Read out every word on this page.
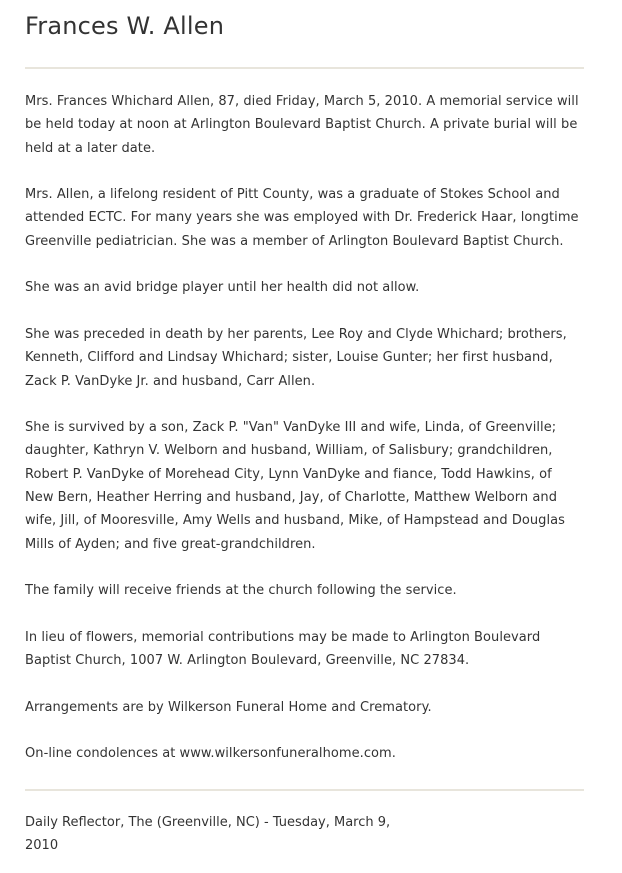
Frances W. Allen

Mrs. Frances Whichard Allen, 87, died Friday, March 5, 2010. A memorial service will be held today at noon at Arlington Boulevard Baptist Church. A private burial will be held at a later date.

Mrs. Allen, a lifelong resident of Pitt County, was a graduate of Stokes School and attended ECTC. For many years she was employed with Dr. Frederick Haar, longtime Greenville pediatrician. She was a member of Arlington Boulevard Baptist Church.

She was an avid bridge player until her health did not allow.

She was preceded in death by her parents, Lee Roy and Clyde Whichard; brothers, Kenneth, Clifford and Lindsay Whichard; sister, Louise Gunter; her first husband, Zack P. VanDyke Jr. and husband, Carr Allen.

She is survived by a son, Zack P. "Van" VanDyke III and wife, Linda, of Greenville; daughter, Kathryn V. Welborn and husband, William, of Salisbury; grandchildren, Robert P. VanDyke of Morehead City, Lynn VanDyke and fiance, Todd Hawkins, of New Bern, Heather Herring and husband, Jay, of Charlotte, Matthew Welborn and wife, Jill, of Mooresville, Amy Wells and husband, Mike, of Hampstead and Douglas Mills of Ayden; and five great-grandchildren.

The family will receive friends at the church following the service.

In lieu of flowers, memorial contributions may be made to Arlington Boulevard Baptist Church, 1007 W. Arlington Boulevard, Greenville, NC 27834.

Arrangements are by Wilkerson Funeral Home and Crematory.

On-line condolences at www.wilkersonfuneralhome.com.

Daily Reflector, The (Greenville, NC) - Tuesday, March 9, 2010
